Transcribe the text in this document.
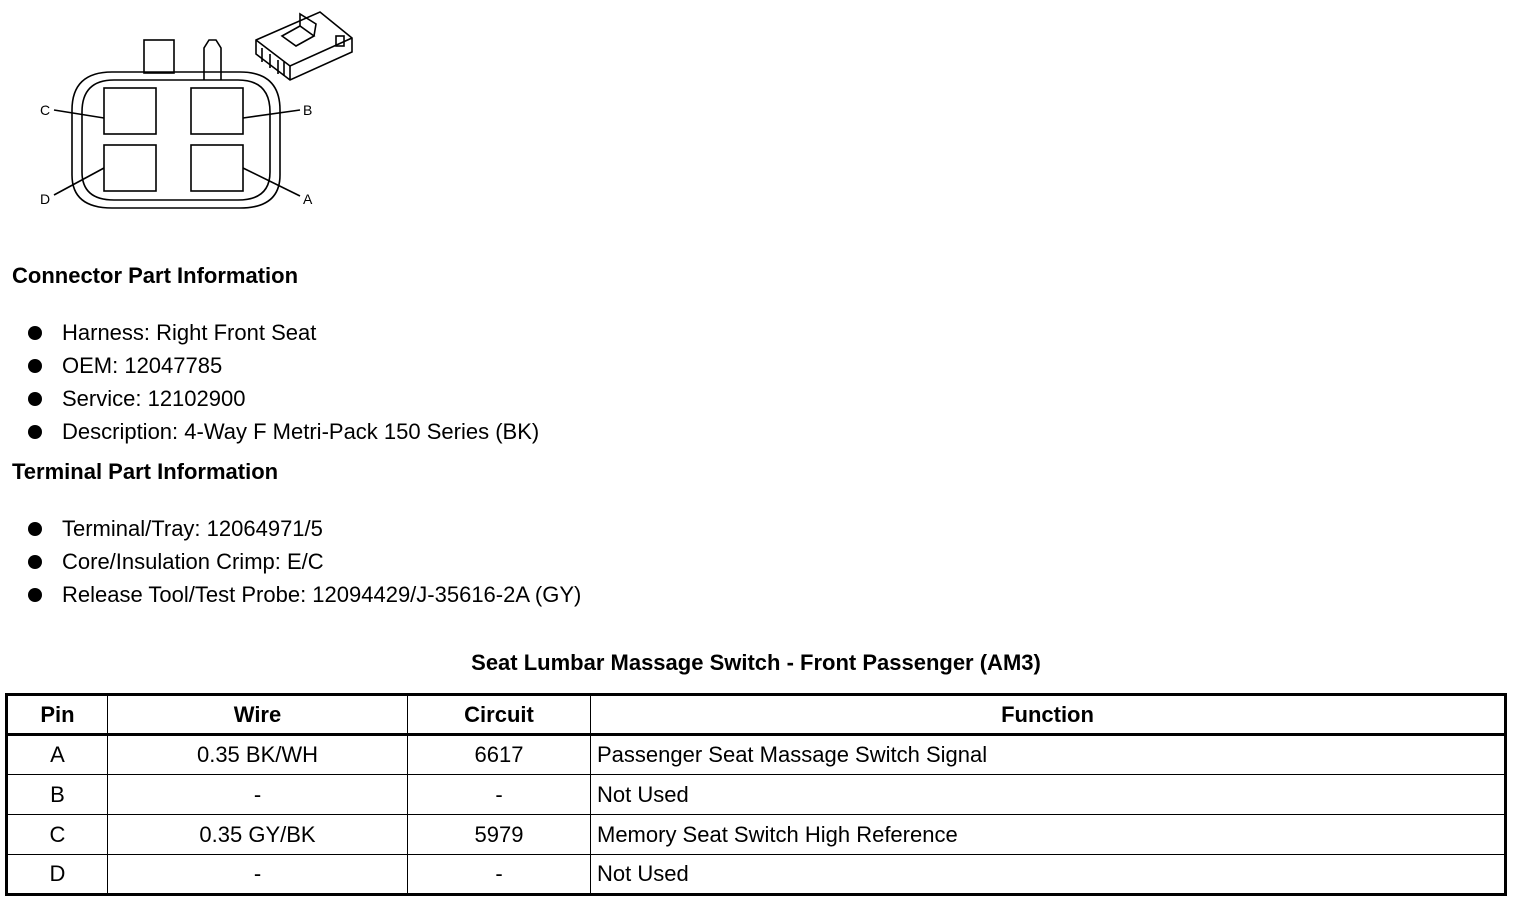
C	B
D	A
Connector Part Information
Harness: Right Front Seat
OEM: 12047785
Service: 12102900
Description: 4-Way F Metri-Pack 150 Series (BK)
Terminal Part Information
Terminal/Tray: 12064971/5
Core/Insulation Crimp: E/C
Release Tool/Test Probe: 12094429/J-35616-2A (GY)
Seat Lumbar Massage Switch - Front Passenger (AM3)
Pin	Wire	Circuit	Function
A	0.35 BK/WH	6617	Passenger Seat Massage Switch Signal
B	-	-	Not Used
C	0.35 GY/BK	5979	Memory Seat Switch High Reference
D	-	-	Not Used
